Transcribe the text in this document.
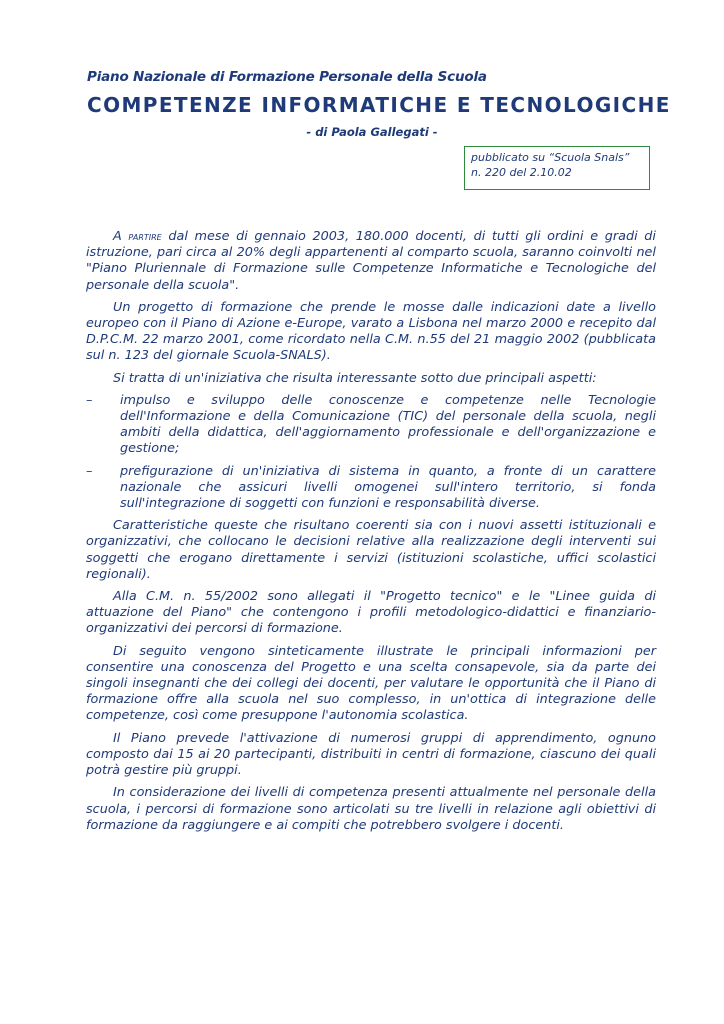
Piano Nazionale di Formazione Personale della Scuola
COMPETENZE INFORMATICHE E TECNOLOGICHE
- di Paola Gallegati -
pubblicato su “Scuola Snals”
n. 220 del 2.10.02

A partire dal mese di gennaio 2003, 180.000 docenti, di tutti gli ordini e gradi di istruzione, pari circa al 20% degli appartenenti al comparto scuola, saranno coinvolti nel "Piano Pluriennale di Formazione sulle Competenze Informatiche e Tecnologiche del personale della scuola".

Un progetto di formazione che prende le mosse dalle indicazioni date a livello europeo con il Piano di Azione e-Europe, varato a Lisbona nel marzo 2000 e recepito dal D.P.C.M. 22 marzo 2001, come ricordato nella C.M. n.55 del 21 maggio 2002 (pubblicata sul n. 123 del giornale Scuola-SNALS).

Si tratta di un'iniziativa che risulta interessante sotto due principali aspetti:

– impulso e sviluppo delle conoscenze e competenze nelle Tecnologie dell'Informazione e della Comunicazione (TIC) del personale della scuola, negli ambiti della didattica, dell'aggiornamento professionale e dell'organizzazione e gestione;
– prefigurazione di un'iniziativa di sistema in quanto, a fronte di un carattere nazionale che assicuri livelli omogenei sull'intero territorio, si fonda sull'integrazione di soggetti con funzioni e responsabilità diverse.

Caratteristiche queste che risultano coerenti sia con i nuovi assetti istituzionali e organizzativi, che collocano le decisioni relative alla realizzazione degli interventi sui soggetti che erogano direttamente i servizi (istituzioni scolastiche, uffici scolastici regionali).

Alla C.M. n. 55/2002 sono allegati il "Progetto tecnico" e le "Linee guida di attuazione del Piano" che contengono i profili metodologico-didattici e finanziario-organizzativi dei percorsi di formazione.

Di seguito vengono sinteticamente illustrate le principali informazioni per consentire una conoscenza del Progetto e una scelta consapevole, sia da parte dei singoli insegnanti che dei collegi dei docenti, per valutare le opportunità che il Piano di formazione offre alla scuola nel suo complesso, in un'ottica di integrazione delle competenze, così come presuppone l'autonomia scolastica.

Il Piano prevede l'attivazione di numerosi gruppi di apprendimento, ognuno composto dai 15 ai 20 partecipanti, distribuiti in centri di formazione, ciascuno dei quali potrà gestire più gruppi.

In considerazione dei livelli di competenza presenti attualmente nel personale della scuola, i percorsi di formazione sono articolati su tre livelli in relazione agli obiettivi di formazione da raggiungere e ai compiti che potrebbero svolgere i docenti.
